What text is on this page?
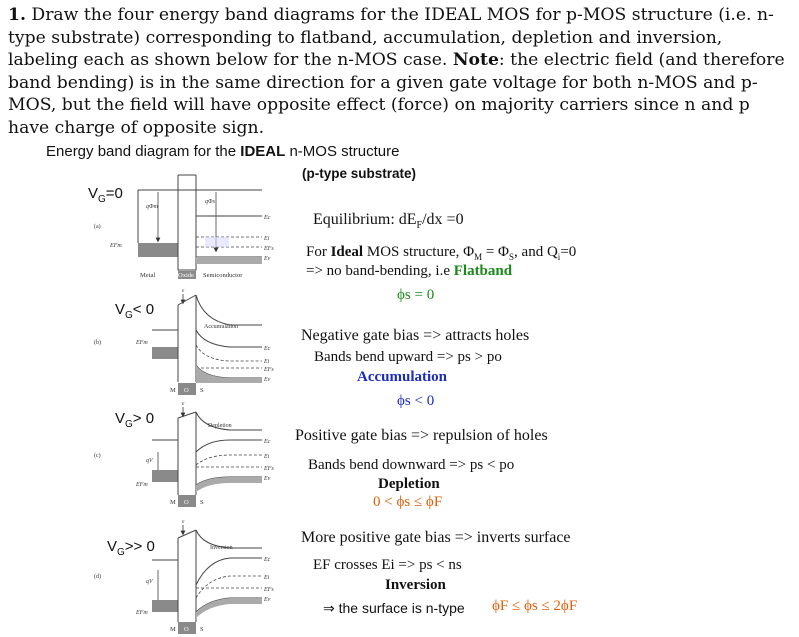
1. Draw the four energy band diagrams for the IDEAL MOS for p-MOS structure (i.e. n-type substrate) corresponding to flatband, accumulation, depletion and inversion, labeling each as shown below for the n-MOS case. Note: the electric field (and therefore band bending) is in the same direction for a given gate voltage for both n-MOS and p-MOS, but the field will have opposite effect (force) on majority carriers since n and p have charge of opposite sign.
Energy band diagram for the IDEAL n-MOS structure
(p-type substrate)
$V_G=0$
$V_G< 0$
$V_G> 0$
$V_G>> 0$
(a)
qΦm
qΦs
EFm
Ec
Ei
EFs
Ev
Metal	Oxide Semiconductor
(b)
ε
EFm
Accumulation
Ec
Ei
EFs
Ev
M O S
(c)
ε
EFm
qV
Depletion
Ec
Ei
EFs
Ev
M O S
(d)
ε
EFm
qV
Inversion
Ec
Ei
EFs
Ev
M O S
Equilibrium: $dE_F/dx =0$
For Ideal MOS structure, $\Phi_M = \Phi_S$, and $Q_i=0$
=> no band-bending, i.e Flatband
ϕs = 0
Negative gate bias => attracts holes
Bands bend upward => ps > po
Accumulation
ϕs < 0
Positive gate bias => repulsion of holes
Bands bend downward => ps < po
Depletion
0 < ϕs ≤ ϕF
More positive gate bias => inverts surface
EF crosses Ei => ps < ns
Inversion
⇒ the surface is n-type ϕF ≤ ϕs ≤ 2ϕF
